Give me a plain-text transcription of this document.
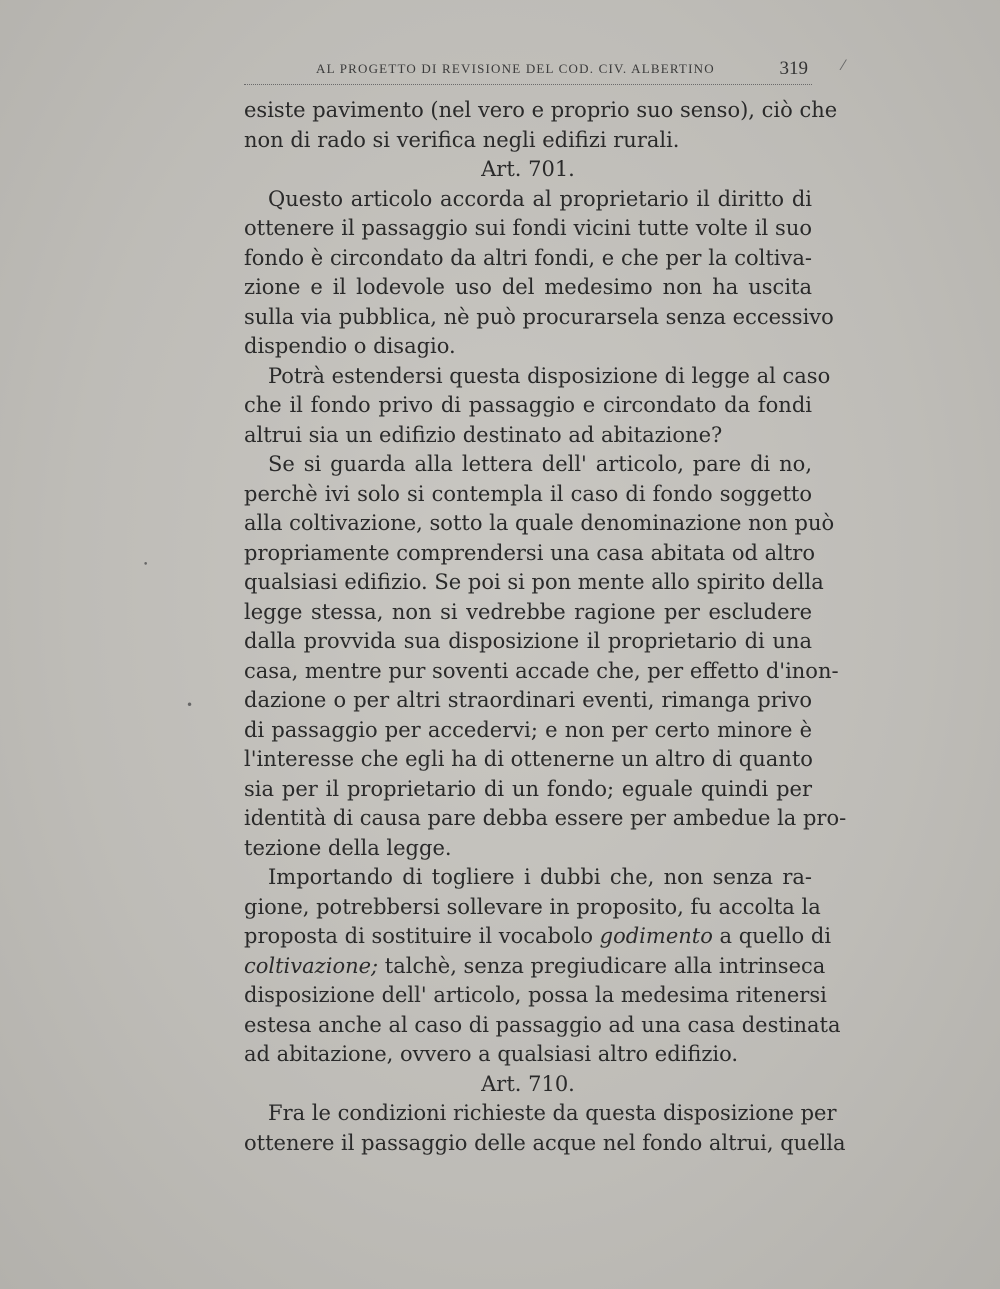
AL PROGETTO DI REVISIONE DEL COD. CIV. ALBERTINO	319
esiste pavimento (nel vero e proprio suo senso), ciò che
non di rado si verifica negli edifizi rurali.
Art. 701.
Questo articolo accorda al proprietario il diritto di
ottenere il passaggio sui fondi vicini tutte volte il suo
fondo è circondato da altri fondi, e che per la coltiva-
zione e il lodevole uso del medesimo non ha uscita
sulla via pubblica, nè può procurarsela senza eccessivo
dispendio o disagio.
Potrà estendersi questa disposizione di legge al caso
che il fondo privo di passaggio e circondato da fondi
altrui sia un edifizio destinato ad abitazione?
Se si guarda alla lettera dell' articolo, pare di no,
perchè ivi solo si contempla il caso di fondo soggetto
alla coltivazione, sotto la quale denominazione non può
propriamente comprendersi una casa abitata od altro
qualsiasi edifizio. Se poi si pon mente allo spirito della
legge stessa, non si vedrebbe ragione per escludere
dalla provvida sua disposizione il proprietario di una
casa, mentre pur soventi accade che, per effetto d'inon-
dazione o per altri straordinari eventi, rimanga privo
di passaggio per accedervi; e non per certo minore è
l'interesse che egli ha di ottenerne un altro di quanto
sia per il proprietario di un fondo; eguale quindi per
identità di causa pare debba essere per ambedue la pro-
tezione della legge.
Importando di togliere i dubbi che, non senza ra-
gione, potrebbersi sollevare in proposito, fu accolta la
proposta di sostituire il vocabolo godimento a quello di
coltivazione; talchè, senza pregiudicare alla intrinseca
disposizione dell' articolo, possa la medesima ritenersi
estesa anche al caso di passaggio ad una casa destinata
ad abitazione, ovvero a qualsiasi altro edifizio.
Art. 710.
Fra le condizioni richieste da questa disposizione per
ottenere il passaggio delle acque nel fondo altrui, quella
•
•
⁄
